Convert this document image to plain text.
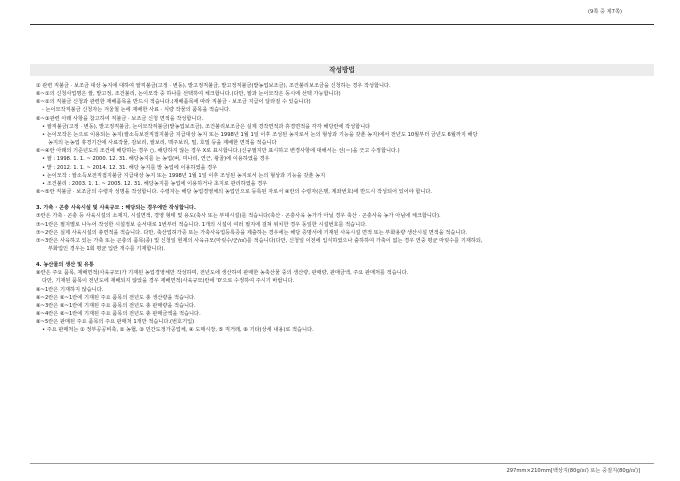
(9쪽 중 제7쪽)
작성방법
① 관련 직불금 · 보조금 대상 농지에 대하여 쌀직불금(고정 · 변동), 밭고정직불금, 밭고정직불금(밭농업보조금), 조건불리보조금을 신청하는 경우 작성합니다.
⑥~①의 신청사업명은 쌀, 밭고정, 조건불리, 논이모작 중 하나를 선택하여 체크합니다.(다만, 쌀과 논이모작은 동시에 선택 가능합니다)
⑥~②의 직불금 신청과 관련한 재배품목을 반드시 적습니다.(재배품목에 따라 직불금 · 보조금 지급이 달라질 수 있습니다)
- 논이모작직불금 신청자는 겨울철 논에 재배한 사료 · 식량 작물의 품목을 적습니다.
⑥~③관련 아래 사항을 참고하여 직불금 · 보조금 신청 면적을 작성합니다.
• 쌀직불금(고정 · 변동), 밭고정직불금, 논이모작직불금(밭농업보조금), 조건불리보조금은 실제 경작면적과 휴경면적을 각각 해당란에 작성합니다
• 논이모작은 논으로 이용되는 농지(쌀소득보전직접지불금 지급대상 농지 또는 1998년 1월 1일 이후 조성된 농지로서 논의 형상과 기능을 갖춘 농지)에서 전년도 10월부터 금년도 6월까지 해당
농지의 논농업 휴경기간에 사료작물, 감보리, 쌀보리, 맥주보리, 밀, 호밀 등을 재배한 면적을 적습니다
⑥~④란 아래의 기준년도의 조건에 해당하는 경우 ○, 해당하지 않는 경우 X로 표시합니다.(신규필지만 표시하고 변경사항에 대해서는 선(＝)을 긋고 수정합니다.)
• 쌀 : 1998. 1. 1. ~ 2000. 12. 31. 해당농지를 논 농업(벼, 미나리, 연근, 왕골)에 이용하였을 경우
• 밭 : 2012. 1. 1. ~ 2014. 12. 31. 해당 농지를 밭 농업에 이용하였을 경우
• 논이모작 : 쌀소득보전직접지불금 지급대상 농지 또는 1998년 1월 1일 이후 조성된 농지로서 논의 형상과 기능을 갖춘 농지
• 조건불리 : 2003. 1. 1. ~ 2005. 12. 31. 해당농지를 농업에 이용하거나 초지로 관리하였을 경우
⑥~⑤란 직불금 · 보조금의 수령자 성명을 작성합니다. 수령자는 해당 농업경영체의 농업인으로 등록된 자로서 ④란의 수령자(은행, 계좌번호)에 반드시 작성되어 있어야 합니다.
3. 가축 · 곤충 사육시설 및 사육규모 : 해당되는 경우에만 작성합니다.
⑦란은 가축 · 곤충 등 사육시설의 소재지, 시설면적, 경영 형태 및 용도(축사 또는 부대시설)를 적습니다(축산 · 곤충사육 농가가 아닐 경우 축산 · 곤충사육 농가 아님에 체크합니다).
⑦~1란은 필지별로 나누어 작성한 시설정보 순서대로 1번부터 적습니다. 1개의 시설이 여러 필지에 걸쳐 위치한 경우 동일한 시설번호를 적습니다.
⑦~2란은 실제 사육시설의 총면적을 적습니다. 다만, 축산업허가증 또는 가축사육업등록증을 제출하는 경우에는 해당 증명서에 기재된 사육시설 면적 또는 부화용량 생산시설 면적을 적습니다.
⑦~3란은 사육하고 있는 가축 또는 곤충의 품목(종) 및 신청일 현재의 사육규모(마릿수/군/㎡)를 적습니다(다만, 신청일 이전에 입식하였으나 출하하여 가축이 없는 경우 연중 평균 마릿수를 기재하되,
부화업인 경우는 1회 평균 입란 개수를 기재합니다).
4. 농산물의 생산 및 유통
⑧란은 주요 품목, 재배면적(사육규모)가 기재된 농업경영체만 작성하며, 전년도에 생산하여 판매한 농축산물 중의 생산량, 판매량, 판매금액, 주요 판매처를 적습니다.
다만, 기재된 품목이 전년도에 재배되지 않았을 경우 재배면적(사육규모)란에 '0'으로 수정하여 주시기 바랍니다.
⑧~1란은 기재하지 않습니다.
⑧~2란은 ⑥~1란에 기재된 주요 품목의 전년도 총 생산량을 적습니다.
⑧~3란은 ⑥~1란에 기재된 주요 품목의 전년도 총 판매량을 적습니다.
⑧~4란은 ⑥~1란에 기재된 주요 품목의 전년도 총 판매금액을 적습니다.
⑧~5란은 판매된 주요 품목의 주요 판매처 1개만 적습니다.(번호기입)
• 주요 판매처는 ① 정부공공비축, ② 농협, ③ 민간도정가공업체, ④ 도매시장, ⑤ 직거래, ⑥ 기타(상세 내용)로 적습니다.
297mm×210mm[백상지(80g/㎡) 또는 중질지(80g/㎡)]
